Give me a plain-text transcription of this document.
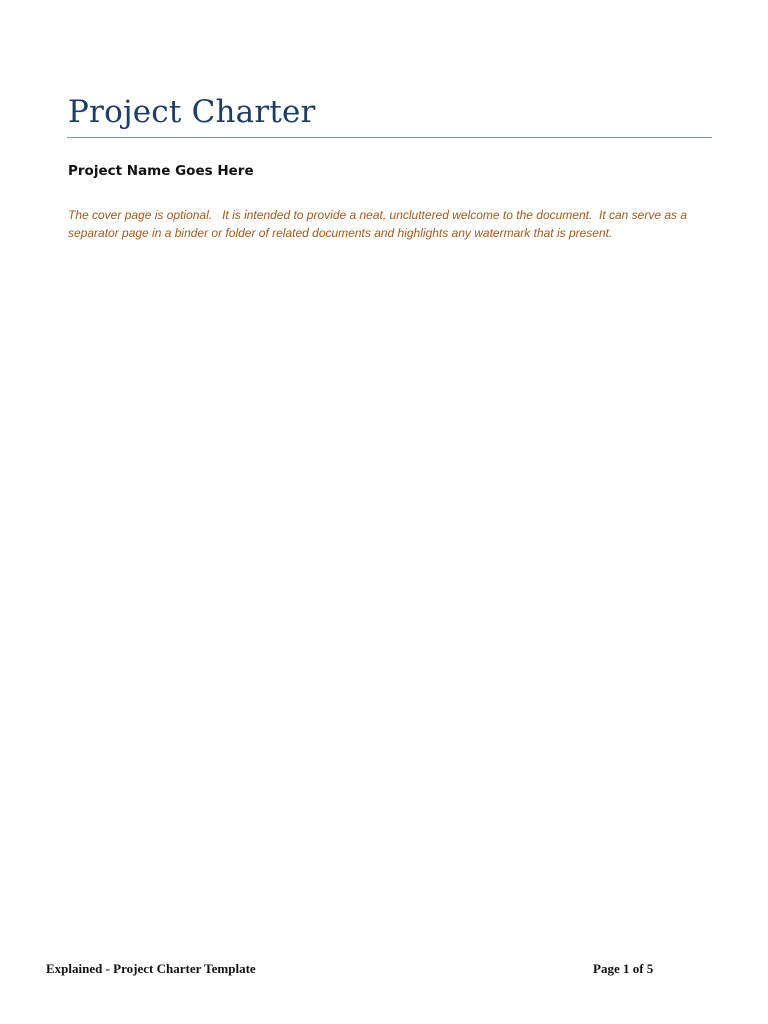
Project Charter

Project Name Goes Here

The cover page is optional.   It is intended to provide a neat, uncluttered welcome to the document.  It can serve as a separator page in a binder or folder of related documents and highlights any watermark that is present.

Explained - Project Charter Template	Page 1 of 5
